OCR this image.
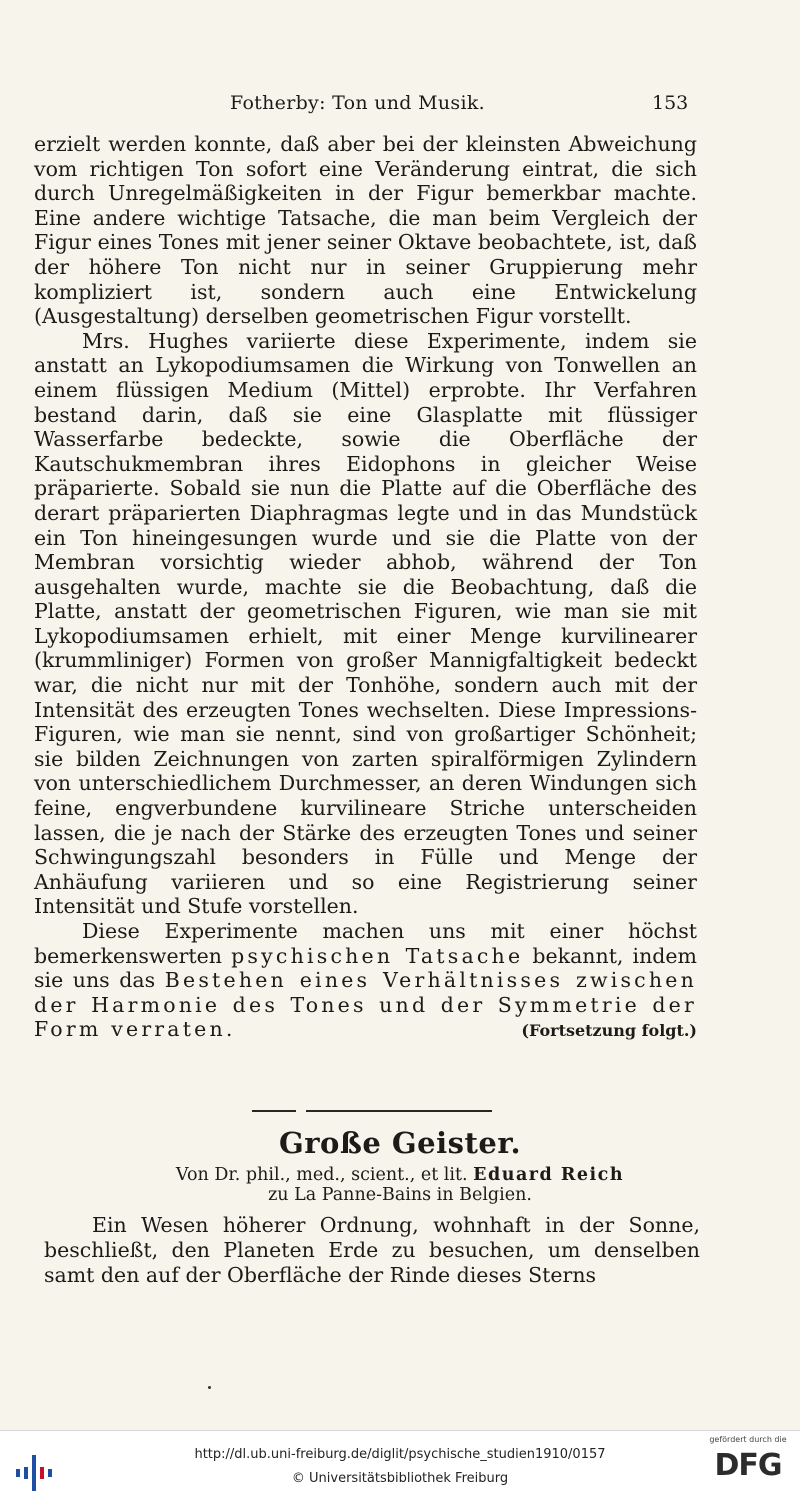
Fotherby: Ton und Musik.	153

erzielt werden konnte, daß aber bei der kleinsten Abweichung vom richtigen Ton sofort eine Veränderung eintrat, die sich durch Unregelmäßigkeiten in der Figur bemerkbar machte. Eine andere wichtige Tatsache, die man beim Vergleich der Figur eines Tones mit jener seiner Oktave beobachtete, ist, daß der höhere Ton nicht nur in seiner Gruppierung mehr kompliziert ist, sondern auch eine Entwickelung (Ausgestaltung) derselben geometrischen Figur vorstellt.

Mrs. Hughes variierte diese Experimente, indem sie anstatt an Lykopodiumsamen die Wirkung von Tonwellen an einem flüssigen Medium (Mittel) erprobte. Ihr Verfahren bestand darin, daß sie eine Glasplatte mit flüssiger Wasserfarbe bedeckte, sowie die Oberfläche der Kautschukmembran ihres Eidophons in gleicher Weise präparierte. Sobald sie nun die Platte auf die Oberfläche des derart präparierten Diaphragmas legte und in das Mundstück ein Ton hineingesungen wurde und sie die Platte von der Membran vorsichtig wieder abhob, während der Ton ausgehalten wurde, machte sie die Beobachtung, daß die Platte, anstatt der geometrischen Figuren, wie man sie mit Lykopodiumsamen erhielt, mit einer Menge kurvilinearer (krummliniger) Formen von großer Mannigfaltigkeit bedeckt war, die nicht nur mit der Tonhöhe, sondern auch mit der Intensität des erzeugten Tones wechselten. Diese Impressions-Figuren, wie man sie nennt, sind von großartiger Schönheit; sie bilden Zeichnungen von zarten spiralförmigen Zylindern von unterschiedlichem Durchmesser, an deren Windungen sich feine, engverbundene kurvilineare Striche unterscheiden lassen, die je nach der Stärke des erzeugten Tones und seiner Schwingungszahl besonders in Fülle und Menge der Anhäufung variieren und so eine Registrierung seiner Intensität und Stufe vorstellen.

Diese Experimente machen uns mit einer höchst bemerkenswerten psychischen Tatsache bekannt, indem sie uns das Bestehen eines Verhältnisses zwischen der Harmonie des Tones und der Symmetrie der Form verraten.	(Fortsetzung folgt.)

Große Geister.
Von Dr. phil., med., scient., et lit. Eduard Reich
zu La Panne-Bains in Belgien.

Ein Wesen höherer Ordnung, wohnhaft in der Sonne, beschließt, den Planeten Erde zu besuchen, um denselben samt den auf der Oberfläche der Rinde dieses Sterns

http://dl.ub.uni-freiburg.de/diglit/psychische_studien1910/0157
© Universitätsbibliothek Freiburg
gefördert durch die
DFG
